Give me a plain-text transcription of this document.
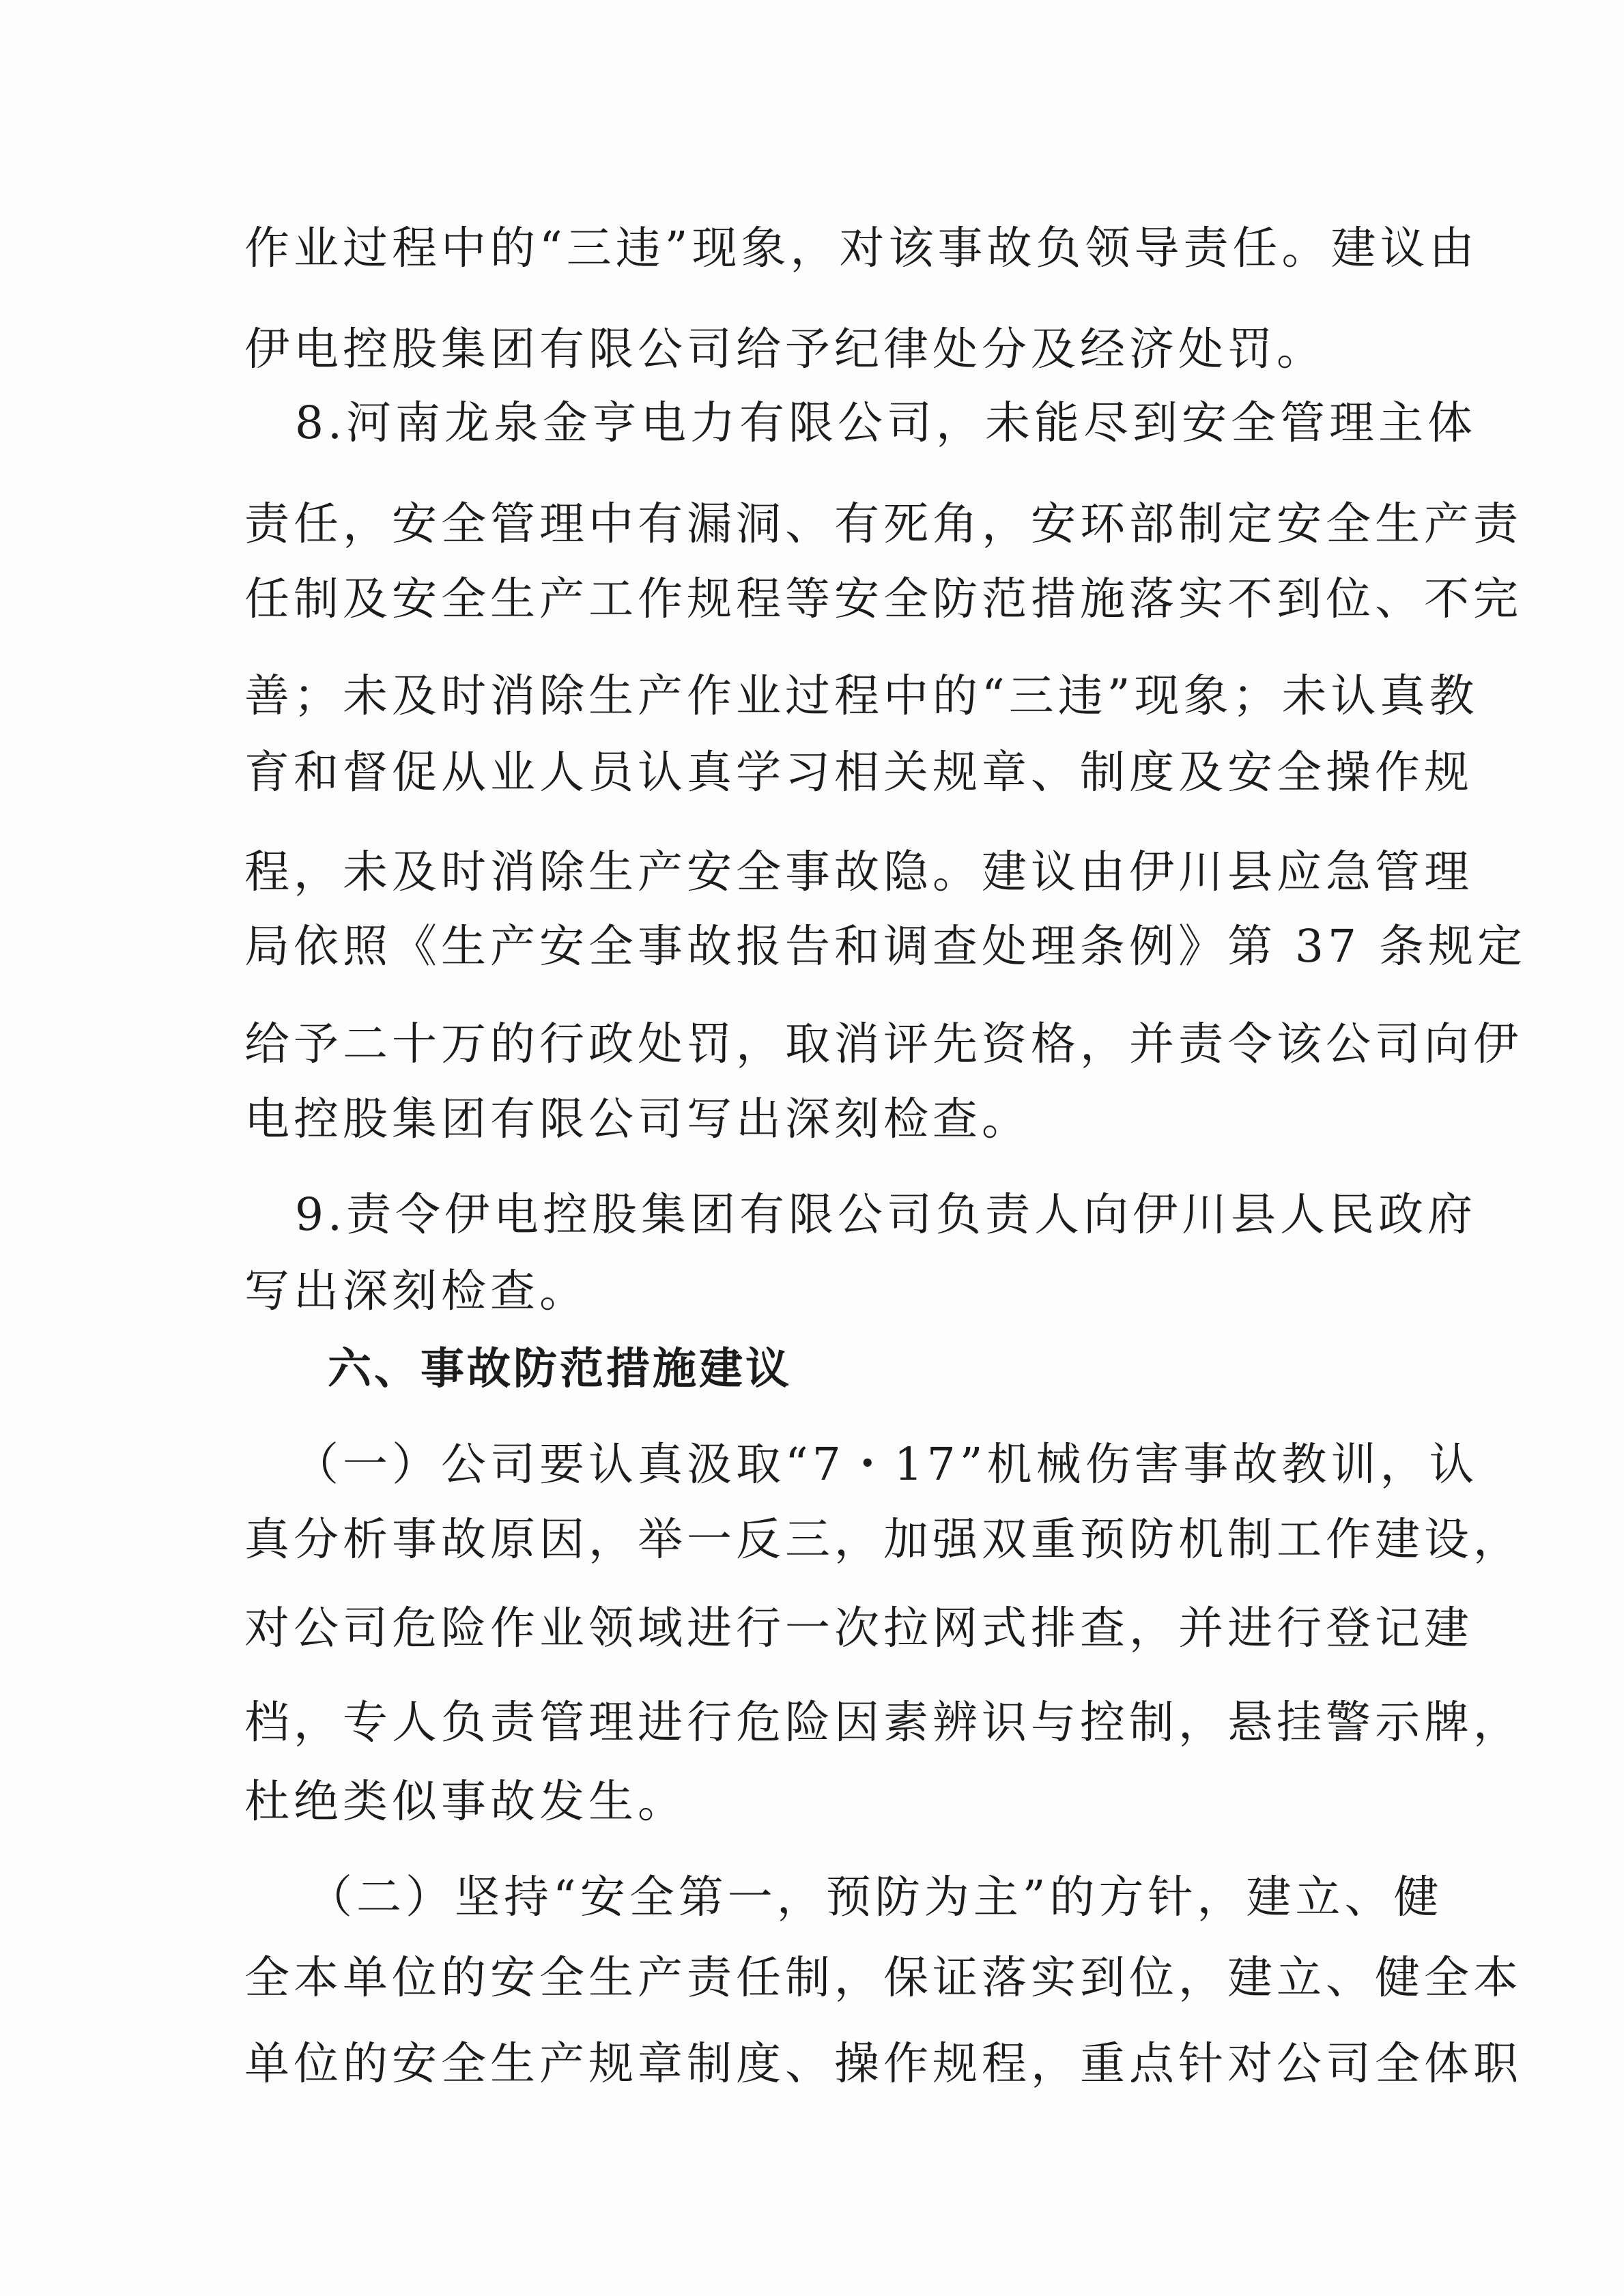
作业过程中的“三违”现象，对该事故负领导责任。建议由
伊电控股集团有限公司给予纪律处分及经济处罚。
8.河南龙泉金亨电力有限公司，未能尽到安全管理主体
责任，安全管理中有漏洞、有死角，安环部制定安全生产责
任制及安全生产工作规程等安全防范措施落实不到位、不完
善；未及时消除生产作业过程中的“三违”现象；未认真教
育和督促从业人员认真学习相关规章、制度及安全操作规
程，未及时消除生产安全事故隐。建议由伊川县应急管理
局依照《生产安全事故报告和调查处理条例》第 37 条规定
给予二十万的行政处罚，取消评先资格，并责令该公司向伊
电控股集团有限公司写出深刻检查。
9.责令伊电控股集团有限公司负责人向伊川县人民政府
写出深刻检查。
六、事故防范措施建议
（一）公司要认真汲取“7・17”机械伤害事故教训，认
真分析事故原因，举一反三，加强双重预防机制工作建设，
对公司危险作业领域进行一次拉网式排查，并进行登记建
档，专人负责管理进行危险因素辨识与控制，悬挂警示牌，
杜绝类似事故发生。
（二）坚持“安全第一，预防为主”的方针，建立、健
全本单位的安全生产责任制，保证落实到位，建立、健全本
单位的安全生产规章制度、操作规程，重点针对公司全体职
